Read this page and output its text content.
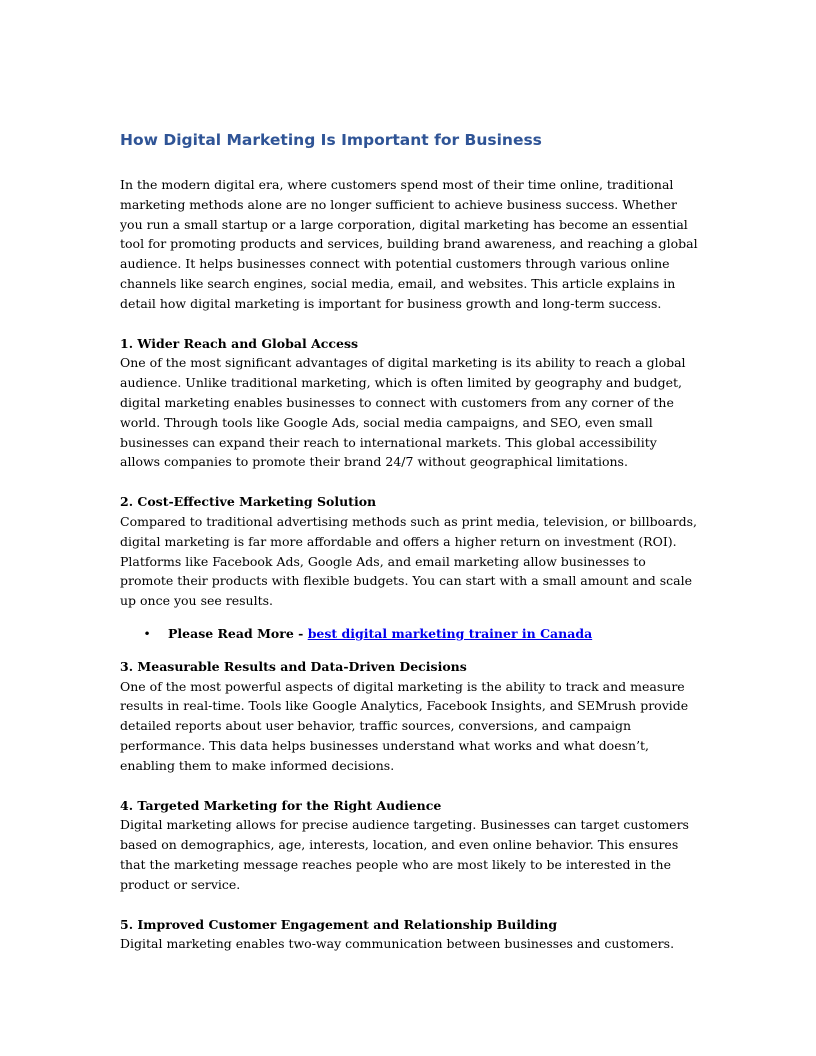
How Digital Marketing Is Important for Business

In the modern digital era, where customers spend most of their time online, traditional marketing methods alone are no longer sufficient to achieve business success. Whether you run a small startup or a large corporation, digital marketing has become an essential tool for promoting products and services, building brand awareness, and reaching a global audience. It helps businesses connect with potential customers through various online channels like search engines, social media, email, and websites. This article explains in detail how digital marketing is important for business growth and long-term success.

1. Wider Reach and Global Access

One of the most significant advantages of digital marketing is its ability to reach a global audience. Unlike traditional marketing, which is often limited by geography and budget, digital marketing enables businesses to connect with customers from any corner of the world. Through tools like Google Ads, social media campaigns, and SEO, even small businesses can expand their reach to international markets. This global accessibility allows companies to promote their brand 24/7 without geographical limitations.

2. Cost-Effective Marketing Solution

Compared to traditional advertising methods such as print media, television, or billboards, digital marketing is far more affordable and offers a higher return on investment (ROI). Platforms like Facebook Ads, Google Ads, and email marketing allow businesses to promote their products with flexible budgets. You can start with a small amount and scale up once you see results.

•	Please Read More - best digital marketing trainer in Canada

3. Measurable Results and Data-Driven Decisions

One of the most powerful aspects of digital marketing is the ability to track and measure results in real-time. Tools like Google Analytics, Facebook Insights, and SEMrush provide detailed reports about user behavior, traffic sources, conversions, and campaign performance. This data helps businesses understand what works and what doesn’t, enabling them to make informed decisions.

4. Targeted Marketing for the Right Audience

Digital marketing allows for precise audience targeting. Businesses can target customers based on demographics, age, interests, location, and even online behavior. This ensures that the marketing message reaches people who are most likely to be interested in the product or service.

5. Improved Customer Engagement and Relationship Building

Digital marketing enables two-way communication between businesses and customers.
